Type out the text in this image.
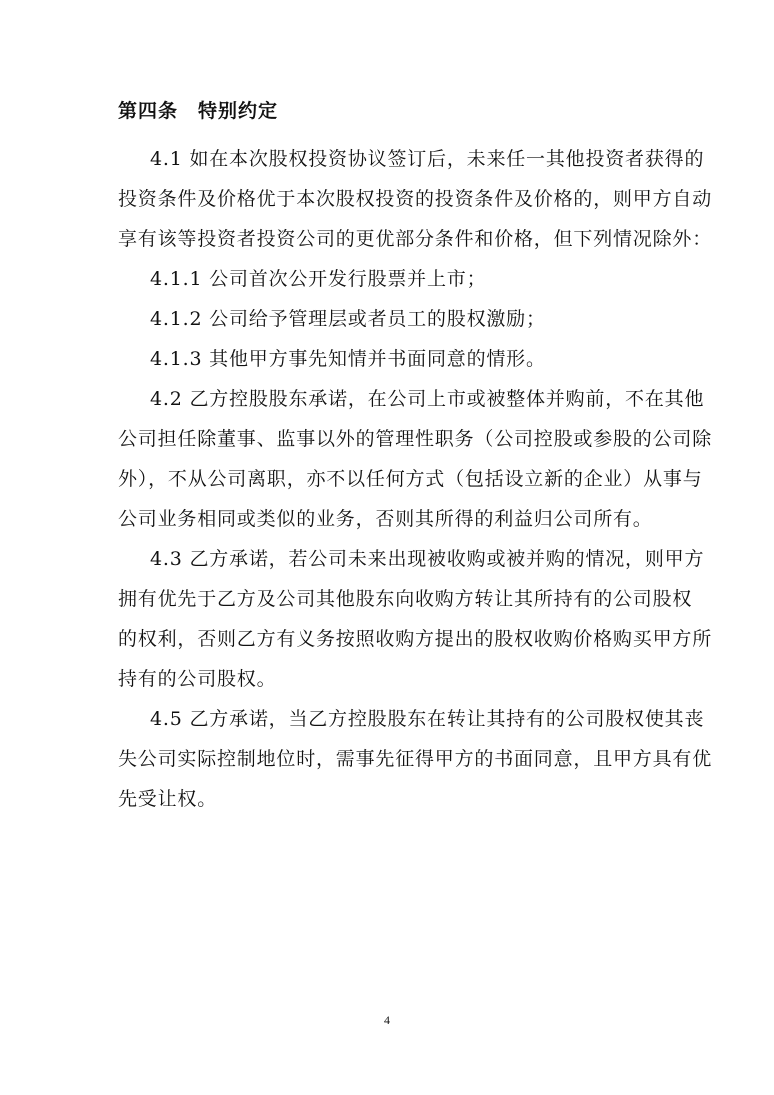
第四条　特别约定
4.1 如在本次股权投资协议签订后，未来任一其他投资者获得的
投资条件及价格优于本次股权投资的投资条件及价格的，则甲方自动
享有该等投资者投资公司的更优部分条件和价格，但下列情况除外：
4.1.1 公司首次公开发行股票并上市；
4.1.2 公司给予管理层或者员工的股权激励；
4.1.3 其他甲方事先知情并书面同意的情形。
4.2 乙方控股股东承诺，在公司上市或被整体并购前，不在其他
公司担任除董事、监事以外的管理性职务（公司控股或参股的公司除
外），不从公司离职，亦不以任何方式（包括设立新的企业）从事与
公司业务相同或类似的业务，否则其所得的利益归公司所有。
4.3 乙方承诺，若公司未来出现被收购或被并购的情况，则甲方
拥有优先于乙方及公司其他股东向收购方转让其所持有的公司股权
的权利，否则乙方有义务按照收购方提出的股权收购价格购买甲方所
持有的公司股权。
4.5 乙方承诺，当乙方控股股东在转让其持有的公司股权使其丧
失公司实际控制地位时，需事先征得甲方的书面同意，且甲方具有优
先受让权。
4
